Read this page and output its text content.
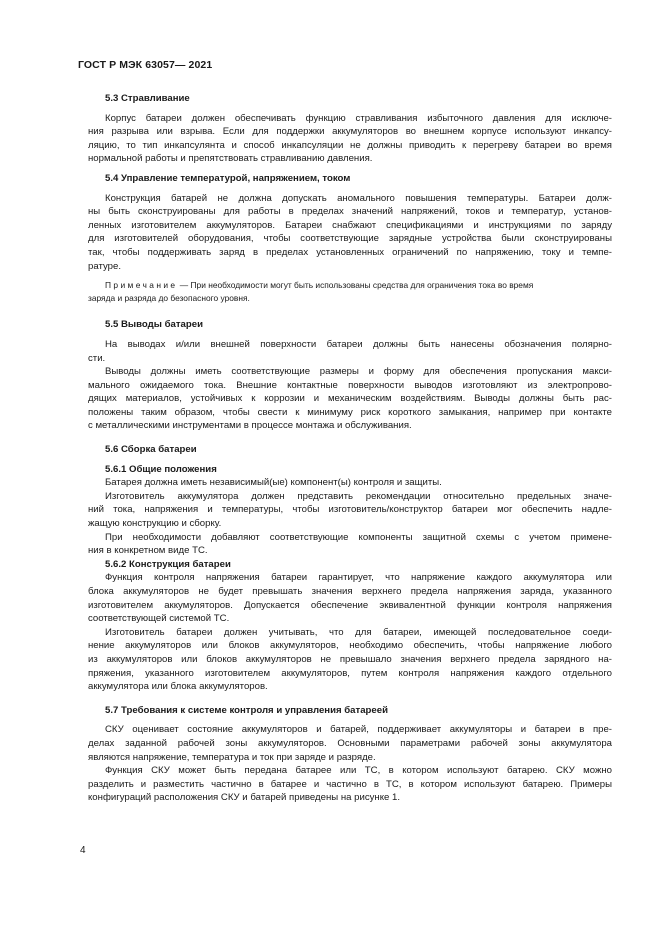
ГОСТ Р МЭК 63057— 2021
5.3 Стравливание
Корпус батареи должен обеспечивать функцию стравливания избыточного давления для исключе-
ния разрыва или взрыва. Если для поддержки аккумуляторов во внешнем корпусе используют инкапсу-
ляцию, то тип инкапсулянта и способ инкапсуляции не должны приводить к перегреву батареи во время
нормальной работы и препятствовать стравливанию давления.
5.4 Управление температурой, напряжением, током
Конструкция батарей не должна допускать аномального повышения температуры. Батареи долж-
ны быть сконструированы для работы в пределах значений напряжений, токов и температур, установ-
ленных изготовителем аккумуляторов. Батареи снабжают спецификациями и инструкциями по заряду
для изготовителей оборудования, чтобы соответствующие зарядные устройства были сконструированы
так, чтобы поддерживать заряд в пределах установленных ограничений по напряжению, току и темпе-
ратуре.
Примечание — При необходимости могут быть использованы средства для ограничения тока во время
заряда и разряда до безопасного уровня.
5.5 Выводы батареи
На выводах и/или внешней поверхности батареи должны быть нанесены обозначения полярно-
сти.
Выводы должны иметь соответствующие размеры и форму для обеспечения пропускания макси-
мального ожидаемого тока. Внешние контактные поверхности выводов изготовляют из электропрово-
дящих материалов, устойчивых к коррозии и механическим воздействиям. Выводы должны быть рас-
положены таким образом, чтобы свести к минимуму риск короткого замыкания, например при контакте
с металлическими инструментами в процессе монтажа и обслуживания.
5.6 Сборка батареи
5.6.1 Общие положения
Батарея должна иметь независимый(ые) компонент(ы) контроля и защиты.
Изготовитель аккумулятора должен представить рекомендации относительно предельных значе-
ний тока, напряжения и температуры, чтобы изготовитель/конструктор батареи мог обеспечить надле-
жащую конструкцию и сборку.
При необходимости добавляют соответствующие компоненты защитной схемы с учетом примене-
ния в конкретном виде ТС.
5.6.2 Конструкция батареи
Функция контроля напряжения батареи гарантирует, что напряжение каждого аккумулятора или
блока аккумуляторов не будет превышать значения верхнего предела напряжения заряда, указанного
изготовителем аккумуляторов. Допускается обеспечение эквивалентной функции контроля напряжения
соответствующей системой ТС.
Изготовитель батареи должен учитывать, что для батареи, имеющей последовательное соеди-
нение аккумуляторов или блоков аккумуляторов, необходимо обеспечить, чтобы напряжение любого
из аккумуляторов или блоков аккумуляторов не превышало значения верхнего предела зарядного на-
пряжения, указанного изготовителем аккумуляторов, путем контроля напряжения каждого отдельного
аккумулятора или блока аккумуляторов.
5.7 Требования к системе контроля и управления батареей
СКУ оценивает состояние аккумуляторов и батарей, поддерживает аккумуляторы и батареи в пре-
делах заданной рабочей зоны аккумуляторов. Основными параметрами рабочей зоны аккумулятора
являются напряжение, температура и ток при заряде и разряде.
Функция СКУ может быть передана батарее или ТС, в котором используют батарею. СКУ можно
разделить и разместить частично в батарее и частично в ТС, в котором используют батарею. Примеры
конфигураций расположения СКУ и батарей приведены на рисунке 1.
4
